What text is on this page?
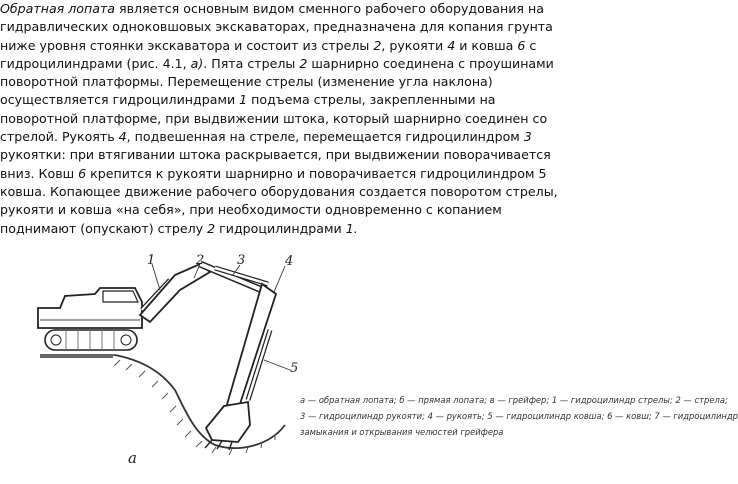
Обратная лопата является основным видом сменного рабочего оборудования на
гидравлических одноковшовых экскаваторах, предназначена для копания грунта
ниже уровня стоянки экскаватора и состоит из стрелы 2, рукояти 4 и ковша 6 с
гидроцилиндрами (рис. 4.1, а). Пята стрелы 2 шарнирно соединена с проушинами
поворотной платформы. Перемещение стрелы (изменение угла наклона)
осуществляется гидроцилиндрами 1 подъема стрелы, закрепленными на
поворотной платформе, при выдвижении штока, который шарнирно соединен со
стрелой. Рукоять 4, подвешенная на стреле, перемещается гидроцилиндром 3
рукоятки: при втягивании штока раскрывается, при выдвижении поворачивается
вниз. Ковш 6 крепится к рукояти шарнирно и поворачивается гидроцилиндром 5
ковша. Копающее движение рабочего оборудования создается поворотом стрелы,
рукояти и ковша «на себя», при необходимости одновременно с копанием
поднимают (опускают) стрелу 2 гидроцилиндрами 1.
1	2	3	4
5
а
а — обратная лопата; б — прямая лопата; в — грейфер; 1 — гидроцилиндр стрелы; 2 — стрела;
3 — гидроцилиндр рукояти; 4 — рукоять; 5 — гидроцилиндр ковша; 6 — ковш; 7 — гидроцилиндр
замыкания и открывания челюстей грейфера
